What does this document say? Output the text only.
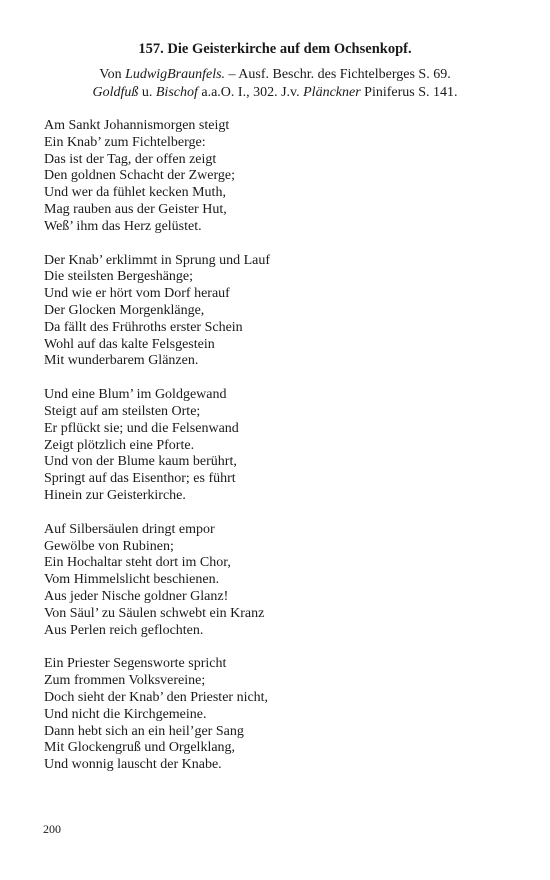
157. Die Geisterkirche auf dem Ochsenkopf.
Von LudwigBraunfels. – Ausf. Beschr. des Fichtelberges S. 69.
Goldfuß u. Bischof a.a.O. I., 302. J.v. Plänckner Piniferus S. 141.
Am Sankt Johannismorgen steigt
Ein Knab’ zum Fichtelberge:
Das ist der Tag, der offen zeigt
Den goldnen Schacht der Zwerge;
Und wer da fühlet kecken Muth,
Mag rauben aus der Geister Hut,
Weß’ ihm das Herz gelüstet.
Der Knab’ erklimmt in Sprung und Lauf
Die steilsten Bergeshänge;
Und wie er hört vom Dorf herauf
Der Glocken Morgenklänge,
Da fällt des Frühroths erster Schein
Wohl auf das kalte Felsgestein
Mit wunderbarem Glänzen.
Und eine Blum’ im Goldgewand
Steigt auf am steilsten Orte;
Er pflückt sie; und die Felsenwand
Zeigt plötzlich eine Pforte.
Und von der Blume kaum berührt,
Springt auf das Eisenthor; es führt
Hinein zur Geisterkirche.
Auf Silbersäulen dringt empor
Gewölbe von Rubinen;
Ein Hochaltar steht dort im Chor,
Vom Himmelslicht beschienen.
Aus jeder Nische goldner Glanz!
Von Säul’ zu Säulen schwebt ein Kranz
Aus Perlen reich geflochten.
Ein Priester Segensworte spricht
Zum frommen Volksvereine;
Doch sieht der Knab’ den Priester nicht,
Und nicht die Kirchgemeine.
Dann hebt sich an ein heil’ger Sang
Mit Glockengruß und Orgelklang,
Und wonnig lauscht der Knabe.
200
